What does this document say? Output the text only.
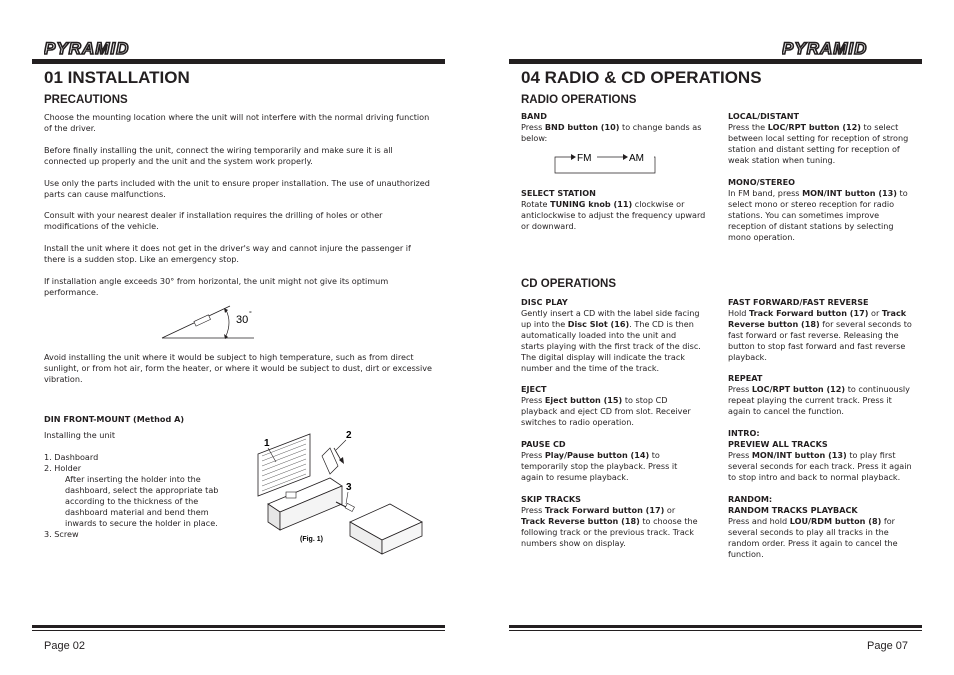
PYRAMID
01 INSTALLATION
PRECAUTIONS

Choose the mounting location where the unit will not interfere with the normal driving function of the driver.

Before finally installing the unit, connect the wiring temporarily and make sure it is all connected up properly and the unit and the system work properly.

Use only the parts included with the unit to ensure proper installation. The use of unauthorized parts can cause malfunctions.

Consult with your nearest dealer if installation requires the drilling of holes or other modifications of the vehicle.

Install the unit where it does not get in the driver's way and cannot injure the passenger if there is a sudden stop. Like an emergency stop.

If installation angle exceeds 30° from horizontal, the unit might not give its optimum performance.

30 °

Avoid installing the unit where it would be subject to high temperature, such as from direct sunlight, or from hot air, form the heater, or where it would be subject to dust, dirt or excessive vibration.

DIN FRONT-MOUNT (Method A)

Installing the unit

1. Dashboard

2. Holder

After inserting the holder into the dashboard, select the appropriate tab according to the thickness of the dashboard material and bend them inwards to secure the holder in place.

3. Screw

1
2
3
(Fig. 1)
Page 02
PYRAMID
04 RADIO & CD OPERATIONS
RADIO OPERATIONS
BAND
Press BND button (10) to change bands as below:
FM	AM
SELECT STATION
Rotate TUNING knob (11) clockwise or anticlockwise to adjust the frequency upward or downward.
LOCAL/DISTANT
Press the LOC/RPT button (12) to select between local setting for reception of strong station and distant setting for reception of weak station when tuning.
MONO/STEREO
In FM band, press MON/INT button (13) to select mono or stereo reception for radio stations. You can sometimes improve reception of distant stations by selecting mono operation.
CD OPERATIONS
DISC PLAY
Gently insert a CD with the label side facing up into the Disc Slot (16). The CD is then automatically loaded into the unit and starts playing with the first track of the disc. The digital display will indicate the track number and the time of the track.
EJECT
Press Eject button (15) to stop CD playback and eject CD from slot. Receiver switches to radio operation.
PAUSE CD
Press Play/Pause button (14) to temporarily stop the playback. Press it again to resume playback.
SKIP TRACKS
Press Track Forward button (17) or Track Reverse button (18) to choose the following track or the previous track. Track numbers show on display.
FAST FORWARD/FAST REVERSE
Hold Track Forward button (17) or Track Reverse button (18) for several seconds to fast forward or fast reverse. Releasing the button to stop fast forward and fast reverse playback.
REPEAT
Press LOC/RPT button (12) to continuously repeat playing the current track. Press it again to cancel the function.
INTRO:
PREVIEW ALL TRACKS
Press MON/INT button (13) to play first several seconds for each track. Press it again to stop intro and back to normal playback.
RANDOM:
RANDOM TRACKS PLAYBACK
Press and hold LOU/RDM button (8) for several seconds to play all tracks in the random order. Press it again to cancel the function.
Page 07
